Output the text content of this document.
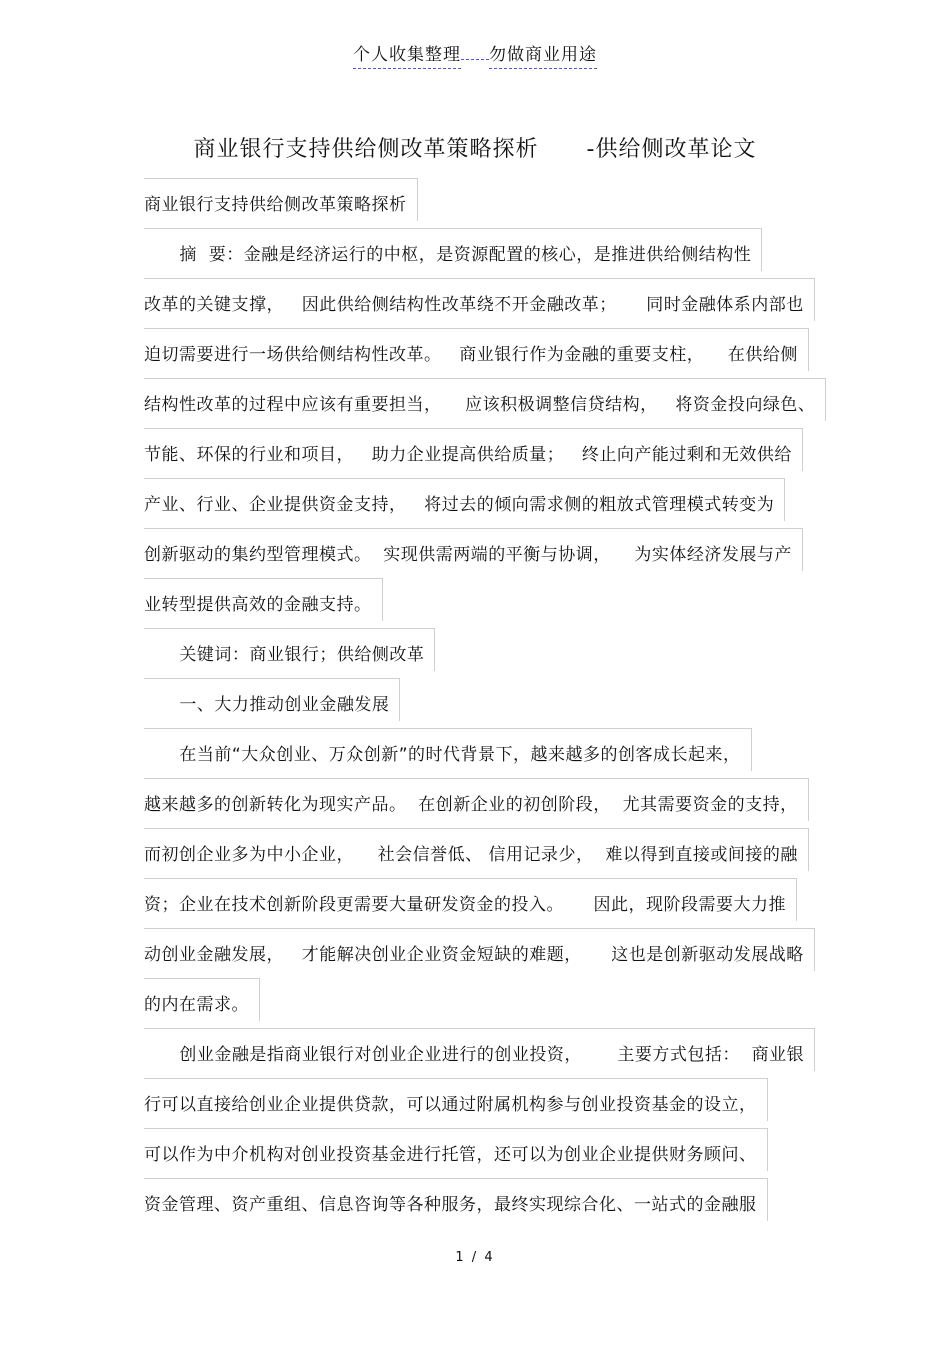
个人收集整理 勿做商业用途
商业银行支持供给侧改革策略探析      -供给侧改革论文
商业银行支持供给侧改革策略探析
摘  要：金融是经济运行的中枢，是资源配置的核心，是推进供给侧结构性
改革的关键支撑，   因此供给侧结构性改革绕不开金融改革；     同时金融体系内部也
迫切需要进行一场供给侧结构性改革。   商业银行作为金融的重要支柱，    在供给侧
结构性改革的过程中应该有重要担当，    应该积极调整信贷结构，   将资金投向绿色、
节能、环保的行业和项目，   助力企业提高供给质量；   终止向产能过剩和无效供给
产业、行业、企业提供资金支持，   将过去的倾向需求侧的粗放式管理模式转变为
创新驱动的集约型管理模式。  实现供需两端的平衡与协调，    为实体经济发展与产
业转型提供高效的金融支持。
关键词：商业银行；供给侧改革
一、大力推动创业金融发展
在当前“大众创业、万众创新”的时代背景下，越来越多的创客成长起来，
越来越多的创新转化为现实产品。  在创新企业的初创阶段，  尤其需要资金的支持，
而初创企业多为中小企业，    社会信誉低、 信用记录少，  难以得到直接或间接的融
资；企业在技术创新阶段更需要大量研发资金的投入。     因此，现阶段需要大力推
动创业金融发展，   才能解决创业企业资金短缺的难题，     这也是创新驱动发展战略
的内在需求。
创业金融是指商业银行对创业企业进行的创业投资，      主要方式包括：  商业银
行可以直接给创业企业提供贷款，可以通过附属机构参与创业投资基金的设立，
可以作为中介机构对创业投资基金进行托管，还可以为创业企业提供财务顾问、
资金管理、资产重组、信息咨询等各种服务，最终实现综合化、一站式的金融服
1 / 4
